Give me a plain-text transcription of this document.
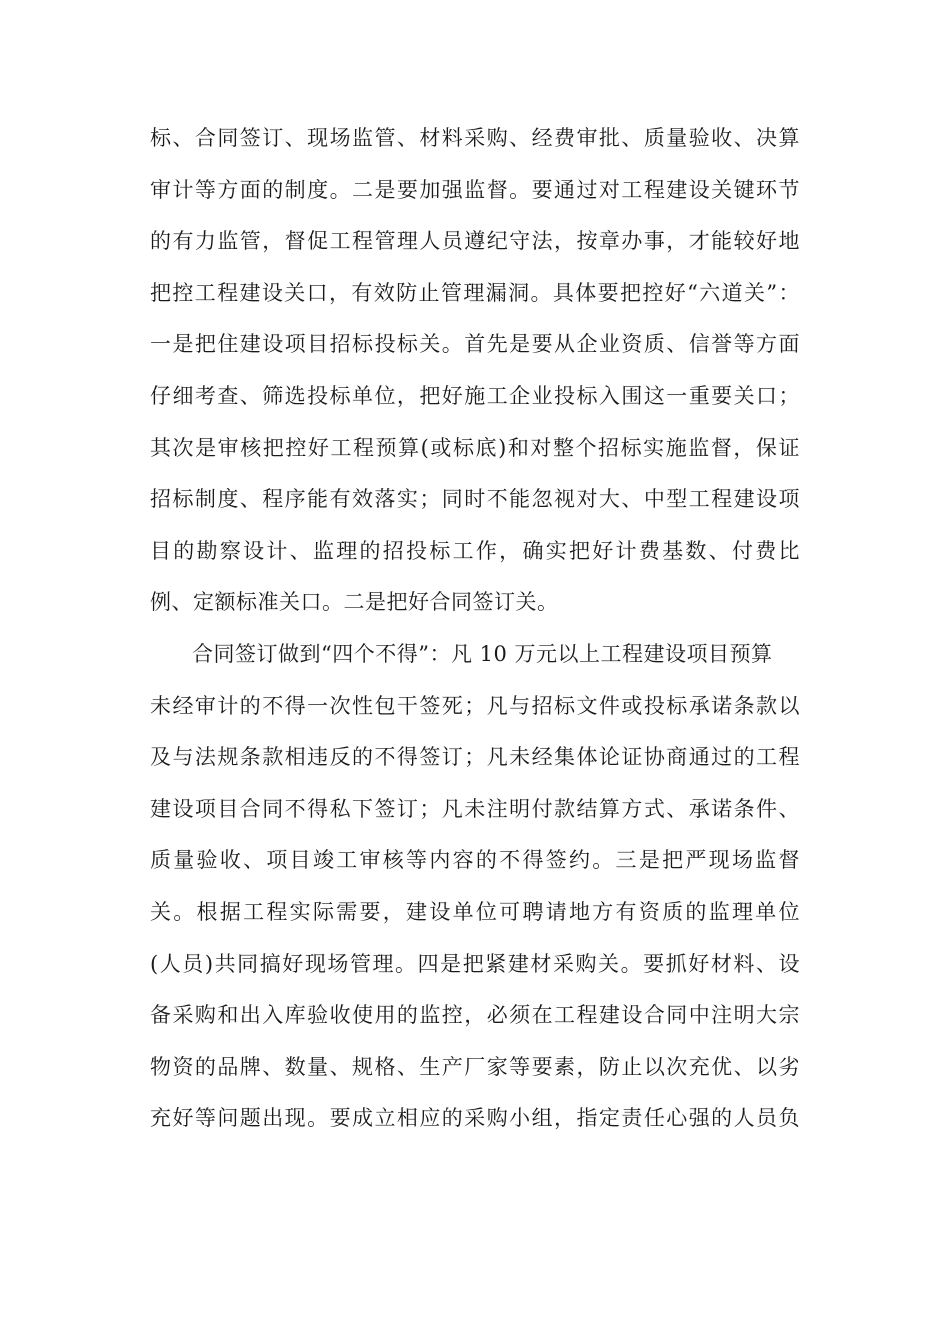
标、合同签订、现场监管、材料采购、经费审批、质量验收、决算
审计等方面的制度。二是要加强监督。要通过对工程建设关键环节
的有力监管，督促工程管理人员遵纪守法，按章办事，才能较好地
把控工程建设关口，有效防止管理漏洞。具体要把控好“六道关”：
一是把住建设项目招标投标关。首先是要从企业资质、信誉等方面
仔细考查、筛选投标单位，把好施工企业投标入围这一重要关口；
其次是审核把控好工程预算(或标底)和对整个招标实施监督，保证
招标制度、程序能有效落实；同时不能忽视对大、中型工程建设项
目的勘察设计、监理的招投标工作，确实把好计费基数、付费比
例、定额标准关口。二是把好合同签订关。
合同签订做到“四个不得”：凡 10 万元以上工程建设项目预算
未经审计的不得一次性包干签死；凡与招标文件或投标承诺条款以
及与法规条款相违反的不得签订；凡未经集体论证协商通过的工程
建设项目合同不得私下签订；凡未注明付款结算方式、承诺条件、
质量验收、项目竣工审核等内容的不得签约。三是把严现场监督
关。根据工程实际需要，建设单位可聘请地方有资质的监理单位
(人员)共同搞好现场管理。四是把紧建材采购关。要抓好材料、设
备采购和出入库验收使用的监控，必须在工程建设合同中注明大宗
物资的品牌、数量、规格、生产厂家等要素，防止以次充优、以劣
充好等问题出现。要成立相应的采购小组，指定责任心强的人员负
